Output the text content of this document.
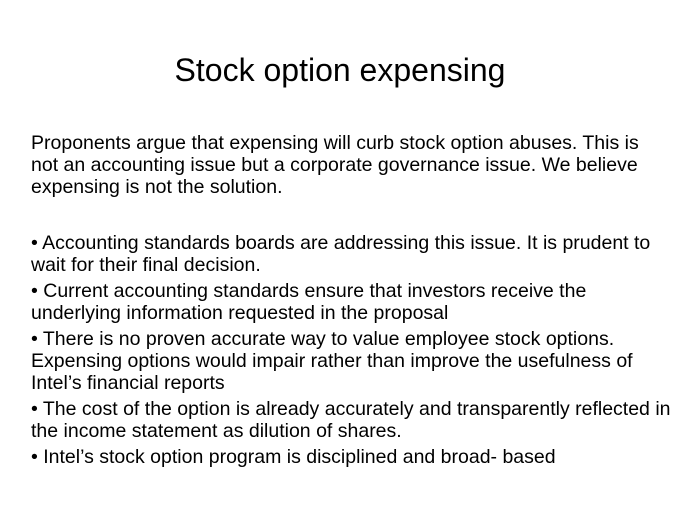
Stock option expensing

Proponents argue that expensing will curb stock option abuses. This is not an accounting issue but a corporate governance issue. We believe expensing is not the solution.

• Accounting standards boards are addressing this issue. It is prudent to wait for their final decision.
• Current accounting standards ensure that investors receive the underlying information requested in the proposal
• There is no proven accurate way to value employee stock options. Expensing options would impair rather than improve the usefulness of Intel’s financial reports
• The cost of the option is already accurately and transparently reflected in the income statement as dilution of shares.
• Intel’s stock option program is disciplined and broad- based
